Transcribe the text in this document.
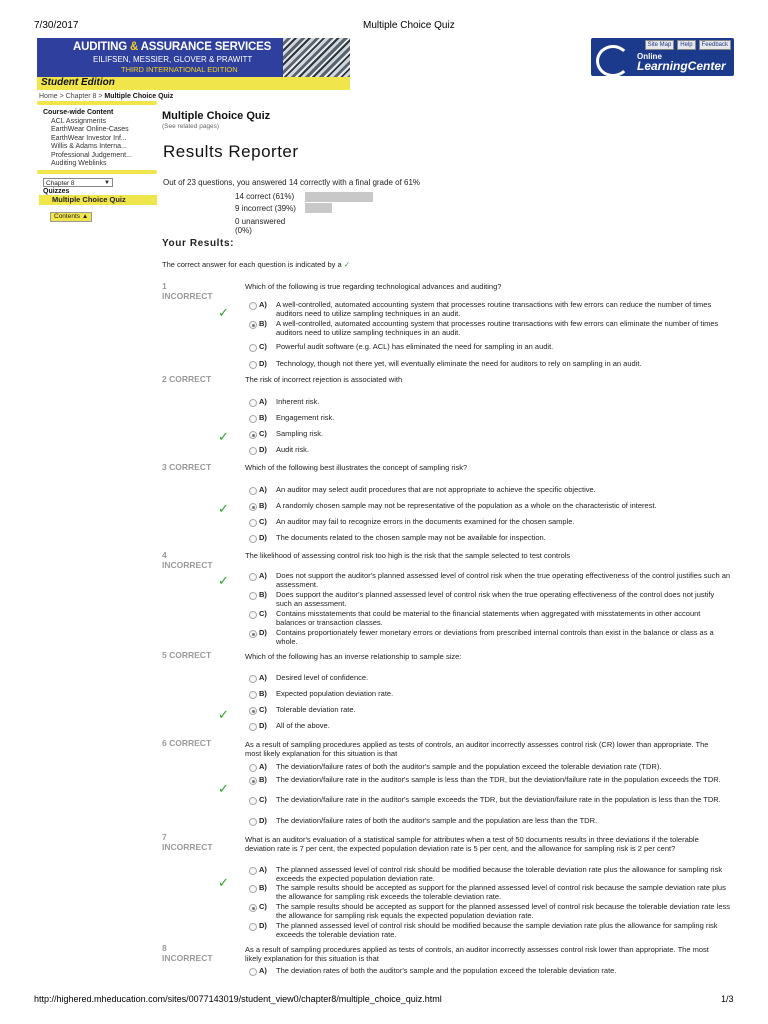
7/30/2017	Multiple Choice Quiz
AUDITING & ASSURANCE SERVICES
EILIFSEN, MESSIER, GLOVER & PRAWITT
THIRD INTERNATIONAL EDITION
Student Edition
Online
LearningCenter
Site Map	Help	Feedback
Home > Chapter 8 > Multiple Choice Quiz
Course-wide Content
ACL Assignments
EarthWear Online-Cases
EarthWear Investor Inf...
Willis & Adams Interna...
Professional Judgement...
Auditing Weblinks
Chapter 8	▼
Quizzes
Multiple Choice Quiz
Contents ▲
Multiple Choice Quiz
(See related pages)
Results Reporter
Out of 23 questions, you answered 14 correctly with a final grade of 61%
14 correct (61%)
9 incorrect (39%)
0 unanswered
(0%)
Your Results:
The correct answer for each question is indicated by a ✓
1
INCORRECT
Which of the following is true regarding technological advances and auditing?
✓
A)	A well-controlled, automated accounting system that processes routine transactions with few errors can reduce the number of times auditors need to utilize sampling techniques in an audit.
B)	A well-controlled, automated accounting system that processes routine transactions with few errors can eliminate the number of times auditors need to utilize sampling techniques in an audit.
C)	Powerful audit software (e.g. ACL) has eliminated the need for sampling in an audit.
D)	Technology, though not there yet, will eventually eliminate the need for auditors to rely on sampling in an audit.
2 CORRECT	The risk of incorrect rejection is associated with
✓
A)	Inherent risk.
B)	Engagement risk.
C)	Sampling risk.
D)	Audit risk.
3 CORRECT	Which of the following best illustrates the concept of sampling risk?
✓
A)	An auditor may select audit procedures that are not appropriate to achieve the specific objective.
B)	A randomly chosen sample may not be representative of the population as a whole on the characteristic of interest.
C)	An auditor may fail to recognize errors in the documents examined for the chosen sample.
D)	The documents related to the chosen sample may not be available for inspection.
4
INCORRECT
The likelihood of assessing control risk too high is the risk that the sample selected to test controls
✓	A)	Does not support the auditor's planned assessed level of control risk when the true operating effectiveness of the control justifies such an assessment.
B)	Does support the auditor's planned assessed level of control risk when the true operating effectiveness of the control does not justify such an assessment.
C)	Contains misstatements that could be material to the financial statements when aggregated with misstatements in other account balances or transaction classes.
D)	Contains proportionately fewer monetary errors or deviations from prescribed internal controls than exist in the balance or class as a whole.
5 CORRECT	Which of the following has an inverse relationship to sample size:
✓
A)	Desired level of confidence.
B)	Expected population deviation rate.
C)	Tolerable deviation rate.
D)	All of the above.
6 CORRECT	As a result of sampling procedures applied as tests of controls, an auditor incorrectly assesses control risk (CR) lower than appropriate. The most likely explanation for this situation is that
✓
A)	The deviation/failure rates of both the auditor's sample and the population exceed the tolerable deviation rate (TDR).
B)	The deviation/failure rate in the auditor's sample is less than the TDR, but the deviation/failure rate in the population exceeds the TDR.
C)	The deviation/failure rate in the auditor's sample exceeds the TDR, but the deviation/failure rate in the population is less than the TDR.
D)	The deviation/failure rates of both the auditor's sample and the population are less than the TDR.
7
INCORRECT
What is an auditor's evaluation of a statistical sample for attributes when a test of 50 documents results in three deviations if the tolerable deviation rate is 7 per cent, the expected population deviation rate is 5 per cent, and the allowance for sampling risk is 2 per cent?
✓
A)	The planned assessed level of control risk should be modified because the tolerable deviation rate plus the allowance for sampling risk exceeds the expected population deviation rate.
B)	The sample results should be accepted as support for the planned assessed level of control risk because the sample deviation rate plus the allowance for sampling risk exceeds the tolerable deviation rate.
C)	The sample results should be accepted as support for the planned assessed level of control risk because the tolerable deviation rate less the allowance for sampling risk equals the expected population deviation rate.
D)	The planned assessed level of control risk should be modified because the sample deviation rate plus the allowance for sampling risk exceeds the tolerable deviation rate.
8
INCORRECT
As a result of sampling procedures applied as tests of controls, an auditor incorrectly assesses control risk lower than appropriate. The most likely explanation for this situation is that
A)	The deviation rates of both the auditor's sample and the population exceed the tolerable deviation rate.
http://highered.mheducation.com/sites/0077143019/student_view0/chapter8/multiple_choice_quiz.html	1/3
